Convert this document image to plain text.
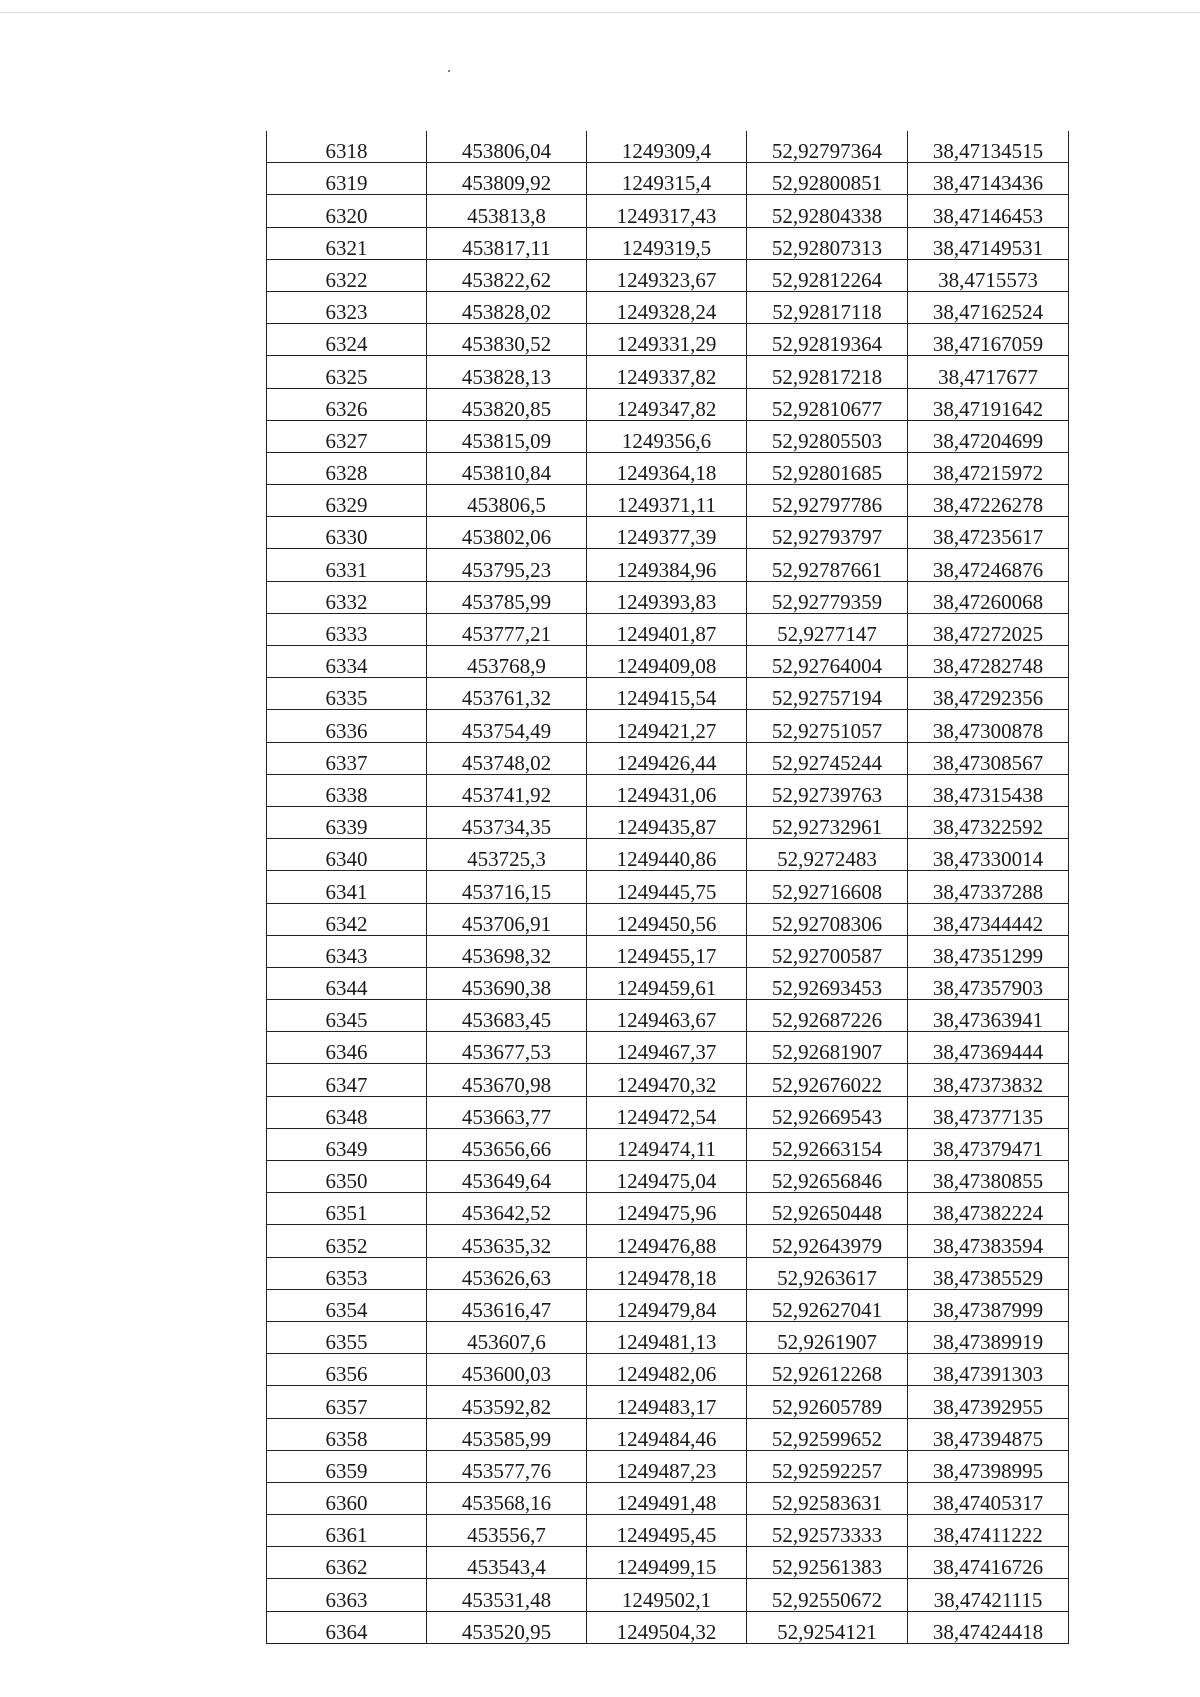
6318	453806,04	1249309,4	52,92797364	38,47134515
6319	453809,92	1249315,4	52,92800851	38,47143436
6320	453813,8	1249317,43	52,92804338	38,47146453
6321	453817,11	1249319,5	52,92807313	38,47149531
6322	453822,62	1249323,67	52,92812264	38,4715573
6323	453828,02	1249328,24	52,92817118	38,47162524
6324	453830,52	1249331,29	52,92819364	38,47167059
6325	453828,13	1249337,82	52,92817218	38,4717677
6326	453820,85	1249347,82	52,92810677	38,47191642
6327	453815,09	1249356,6	52,92805503	38,47204699
6328	453810,84	1249364,18	52,92801685	38,47215972
6329	453806,5	1249371,11	52,92797786	38,47226278
6330	453802,06	1249377,39	52,92793797	38,47235617
6331	453795,23	1249384,96	52,92787661	38,47246876
6332	453785,99	1249393,83	52,92779359	38,47260068
6333	453777,21	1249401,87	52,9277147	38,47272025
6334	453768,9	1249409,08	52,92764004	38,47282748
6335	453761,32	1249415,54	52,92757194	38,47292356
6336	453754,49	1249421,27	52,92751057	38,47300878
6337	453748,02	1249426,44	52,92745244	38,47308567
6338	453741,92	1249431,06	52,92739763	38,47315438
6339	453734,35	1249435,87	52,92732961	38,47322592
6340	453725,3	1249440,86	52,9272483	38,47330014
6341	453716,15	1249445,75	52,92716608	38,47337288
6342	453706,91	1249450,56	52,92708306	38,47344442
6343	453698,32	1249455,17	52,92700587	38,47351299
6344	453690,38	1249459,61	52,92693453	38,47357903
6345	453683,45	1249463,67	52,92687226	38,47363941
6346	453677,53	1249467,37	52,92681907	38,47369444
6347	453670,98	1249470,32	52,92676022	38,47373832
6348	453663,77	1249472,54	52,92669543	38,47377135
6349	453656,66	1249474,11	52,92663154	38,47379471
6350	453649,64	1249475,04	52,92656846	38,47380855
6351	453642,52	1249475,96	52,92650448	38,47382224
6352	453635,32	1249476,88	52,92643979	38,47383594
6353	453626,63	1249478,18	52,9263617	38,47385529
6354	453616,47	1249479,84	52,92627041	38,47387999
6355	453607,6	1249481,13	52,9261907	38,47389919
6356	453600,03	1249482,06	52,92612268	38,47391303
6357	453592,82	1249483,17	52,92605789	38,47392955
6358	453585,99	1249484,46	52,92599652	38,47394875
6359	453577,76	1249487,23	52,92592257	38,47398995
6360	453568,16	1249491,48	52,92583631	38,47405317
6361	453556,7	1249495,45	52,92573333	38,47411222
6362	453543,4	1249499,15	52,92561383	38,47416726
6363	453531,48	1249502,1	52,92550672	38,47421115
6364	453520,95	1249504,32	52,9254121	38,47424418
